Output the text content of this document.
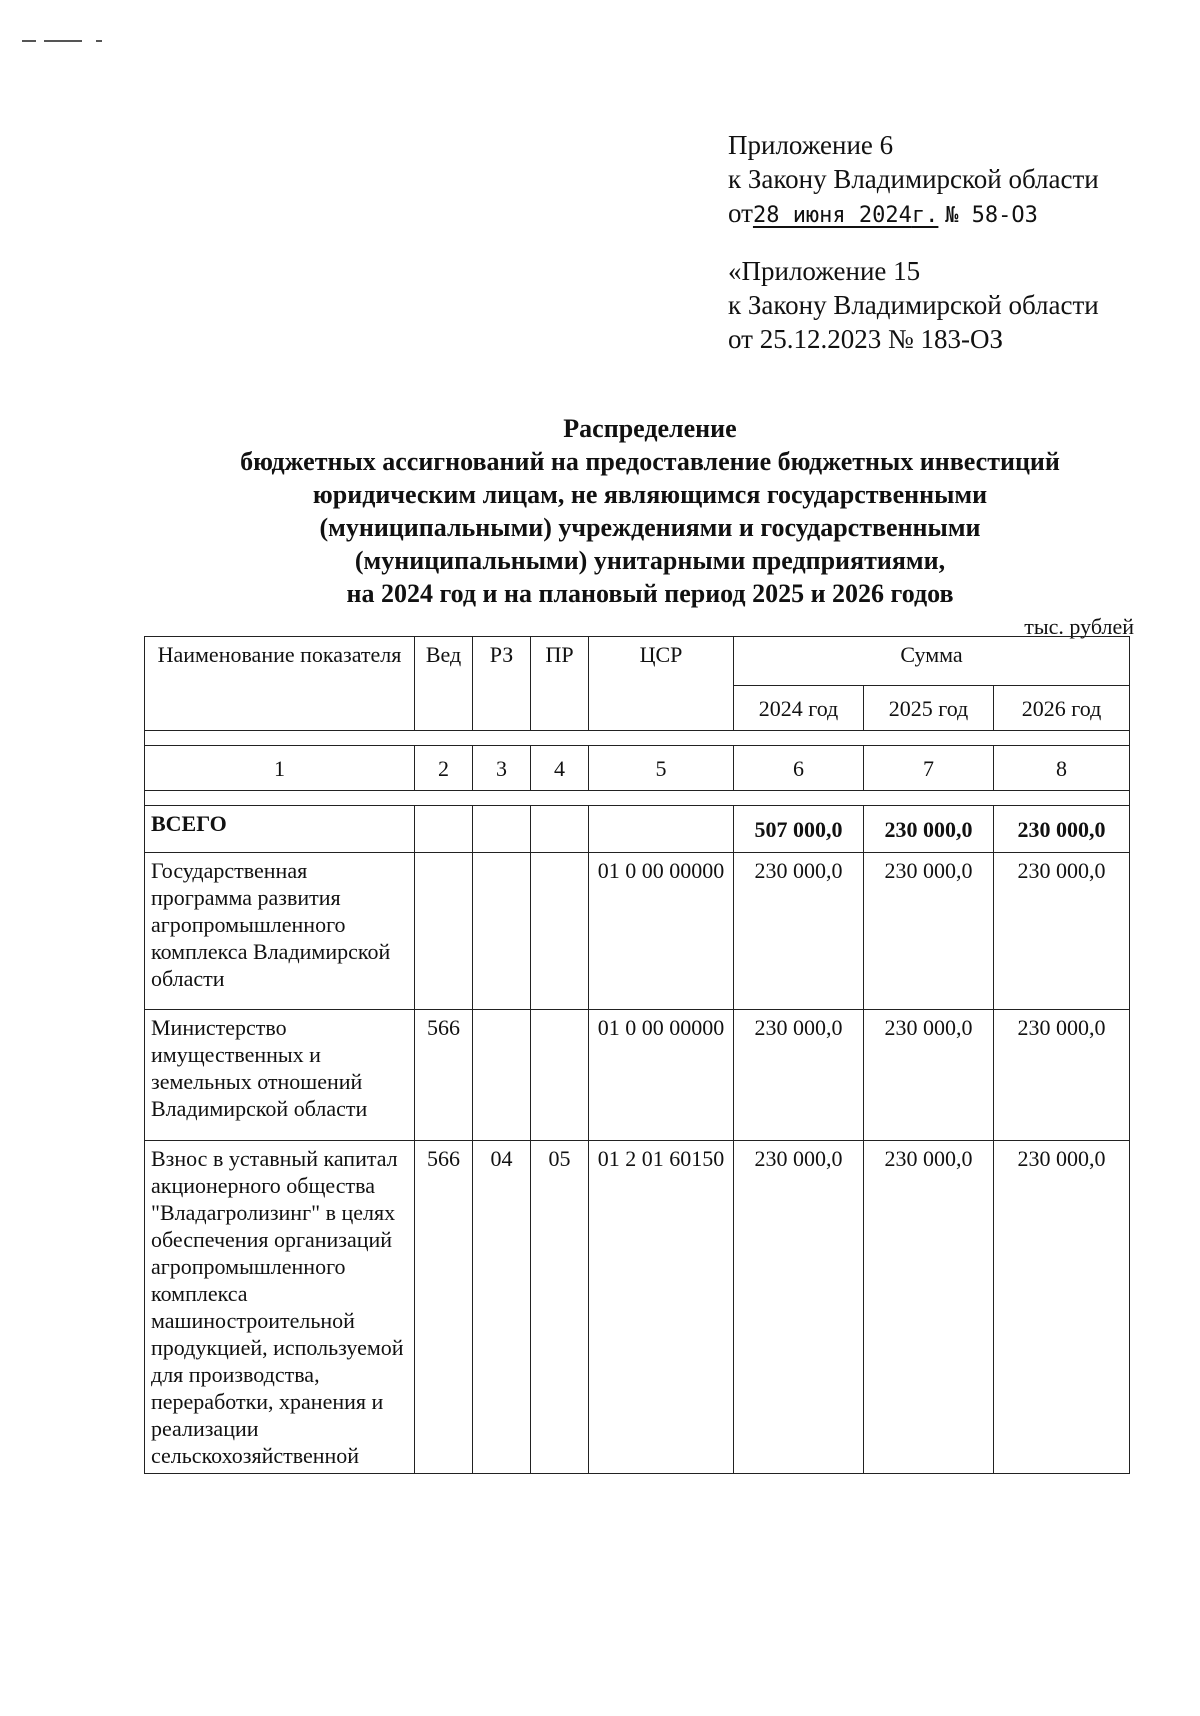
Приложение 6
к Закону Владимирской области
от28 июня 2024г. № 58-ОЗ
«Приложение 15
к Закону Владимирской области
от 25.12.2023 № 183-ОЗ
Распределение
бюджетных ассигнований на предоставление бюджетных инвестиций
юридическим лицам, не являющимся государственными
(муниципальными) учреждениями и государственными
(муниципальными) унитарными предприятиями,
на 2024 год и на плановый период 2025 и 2026 годов
тыс. рублей
Наименование показателя	Вед	РЗ	ПР	ЦСР	Сумма		
					2024 год	2025 год	2026 год

1	2	3	4	5	6	7	8

ВСЕГО					507 000,0	230 000,0	230 000,0
Государственная программа развития агропромышленного комплекса Владимирской области				01 0 00 00000	230 000,0	230 000,0	230 000,0
Министерство имущественных и земельных отношений Владимирской области	566			01 0 00 00000	230 000,0	230 000,0	230 000,0
Взнос в уставный капитал акционерного общества "Владагролизинг" в целях обеспечения организаций агропромышленного комплекса машиностроительной продукцией, используемой для производства, переработки, хранения и реализации сельскохозяйственной	566	04	05	01 2 01 60150	230 000,0	230 000,0	230 000,0
